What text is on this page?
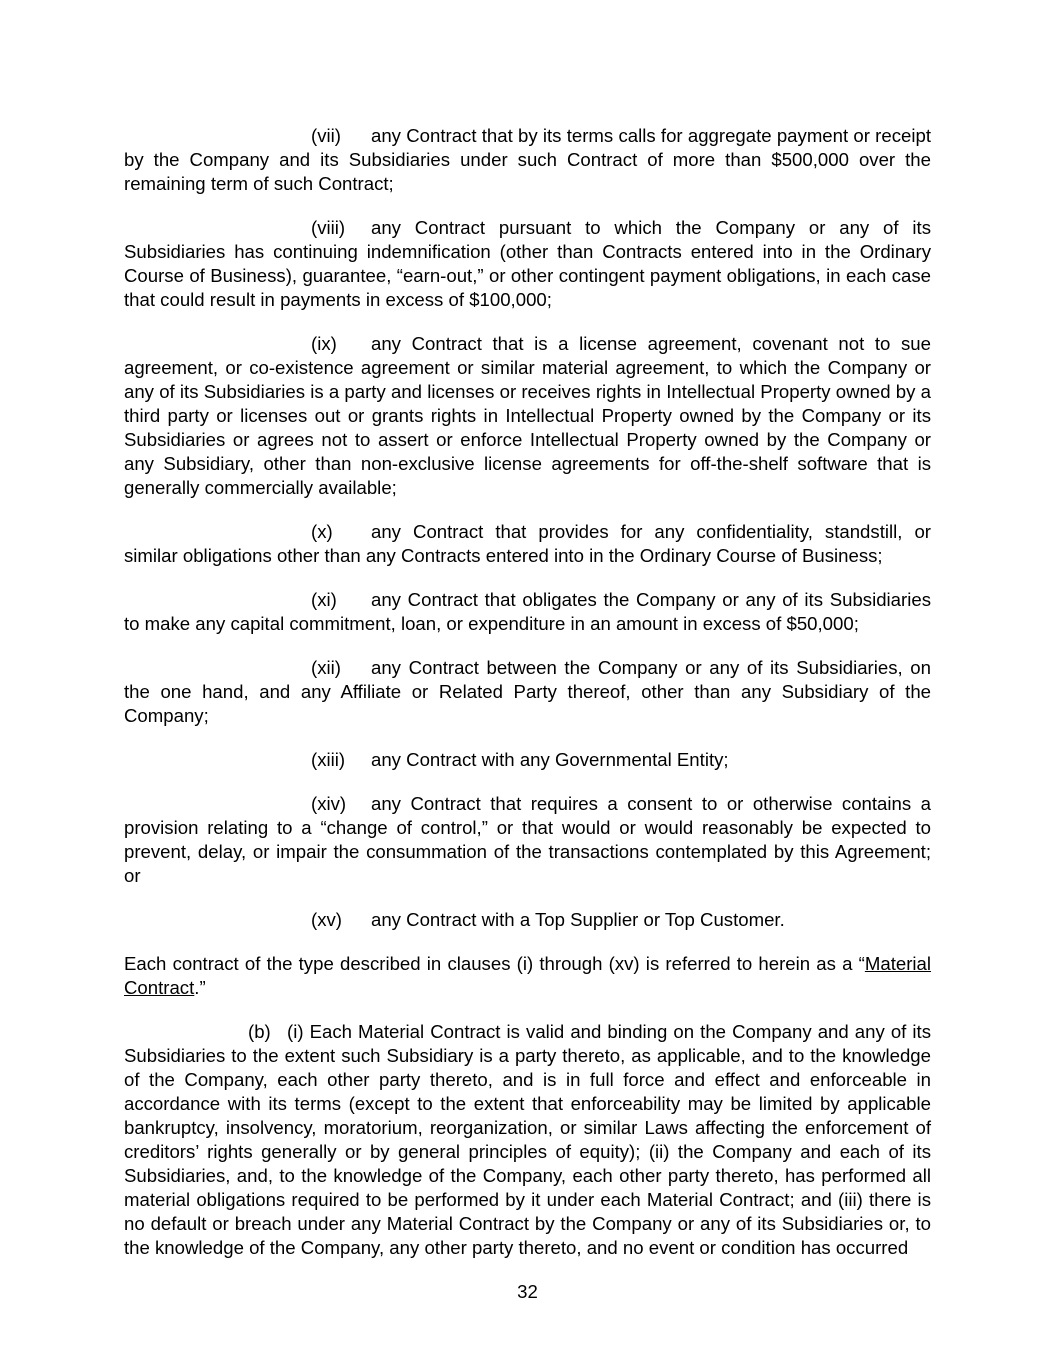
(vii) any Contract that by its terms calls for aggregate payment or receipt by the Company and its Subsidiaries under such Contract of more than $500,000 over the remaining term of such Contract;

(viii) any Contract pursuant to which the Company or any of its Subsidiaries has continuing indemnification (other than Contracts entered into in the Ordinary Course of Business), guarantee, “earn-out,” or other contingent payment obligations, in each case that could result in payments in excess of $100,000;

(ix) any Contract that is a license agreement, covenant not to sue agreement, or co-existence agreement or similar material agreement, to which the Company or any of its Subsidiaries is a party and licenses or receives rights in Intellectual Property owned by a third party or licenses out or grants rights in Intellectual Property owned by the Company or its Subsidiaries or agrees not to assert or enforce Intellectual Property owned by the Company or any Subsidiary, other than non-exclusive license agreements for off-the-shelf software that is generally commercially available;

(x) any Contract that provides for any confidentiality, standstill, or similar obligations other than any Contracts entered into in the Ordinary Course of Business;

(xi) any Contract that obligates the Company or any of its Subsidiaries to make any capital commitment, loan, or expenditure in an amount in excess of $50,000;

(xii) any Contract between the Company or any of its Subsidiaries, on the one hand, and any Affiliate or Related Party thereof, other than any Subsidiary of the Company;

(xiii) any Contract with any Governmental Entity;

(xiv) any Contract that requires a consent to or otherwise contains a provision relating to a “change of control,” or that would or would reasonably be expected to prevent, delay, or impair the consummation of the transactions contemplated by this Agreement; or

(xv) any Contract with a Top Supplier or Top Customer.

Each contract of the type described in clauses (i) through (xv) is referred to herein as a “Material Contract.”

(b) (i) Each Material Contract is valid and binding on the Company and any of its Subsidiaries to the extent such Subsidiary is a party thereto, as applicable, and to the knowledge of the Company, each other party thereto, and is in full force and effect and enforceable in accordance with its terms (except to the extent that enforceability may be limited by applicable bankruptcy, insolvency, moratorium, reorganization, or similar Laws affecting the enforcement of creditors’ rights generally or by general principles of equity); (ii) the Company and each of its Subsidiaries, and, to the knowledge of the Company, each other party thereto, has performed all material obligations required to be performed by it under each Material Contract; and (iii) there is no default or breach under any Material Contract by the Company or any of its Subsidiaries or, to the knowledge of the Company, any other party thereto, and no event or condition has occurred

32
